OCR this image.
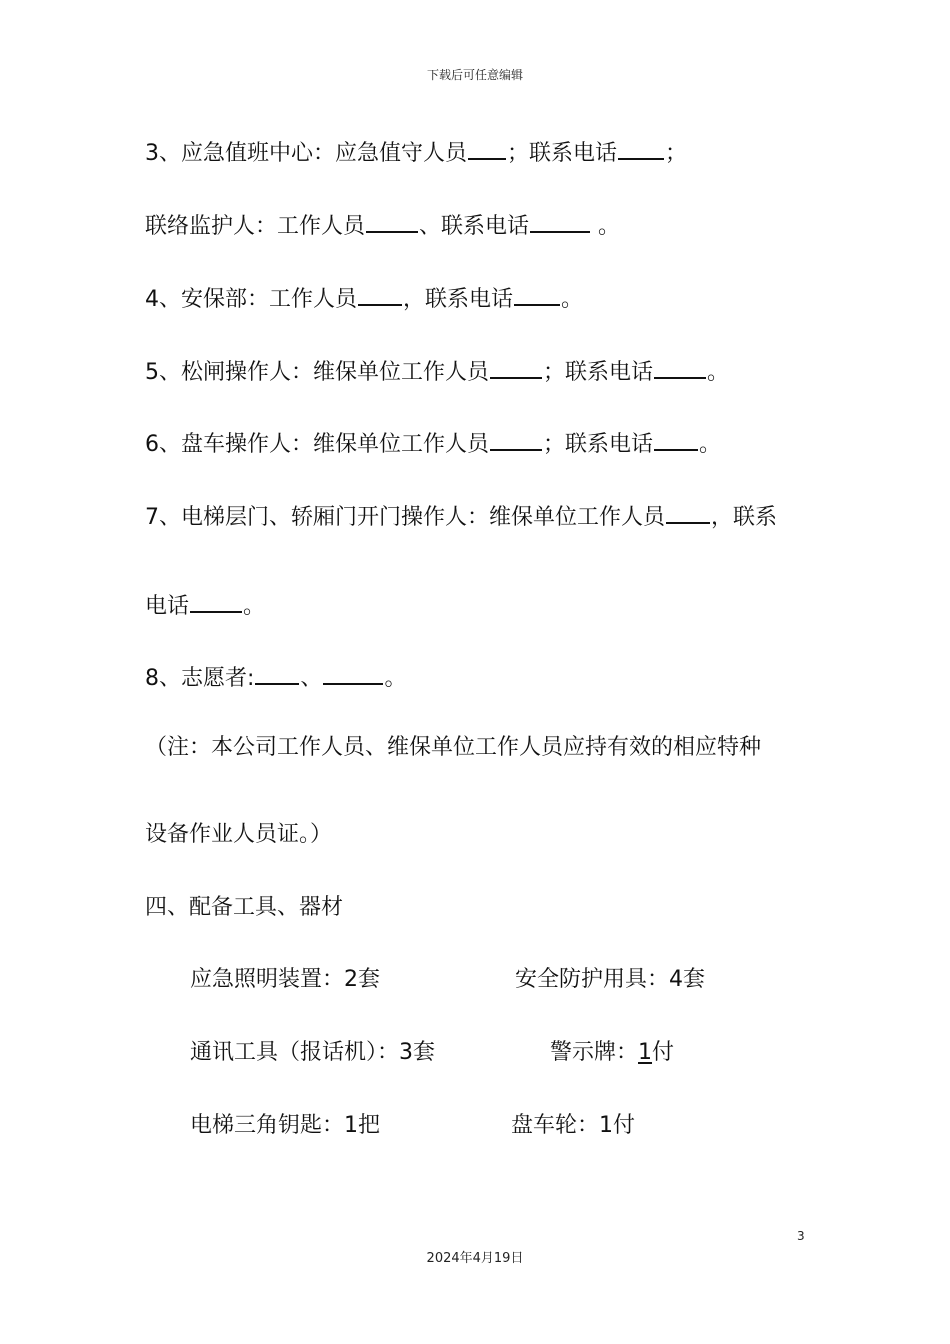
下载后可任意编辑
3、应急值班中心：应急值守人员 ；联系电话 ；
联络监护人：工作人员 、联系电话	。
4、安保部：工作人员 ，联系电话 。
5、松闸操作人：维保单位工作人员 ；联系电话 。
6、盘车操作人：维保单位工作人员 ；联系电话 。
7、电梯层门、轿厢门开门操作人：维保单位工作人员 ，联系
电话 。
8、志愿者: 、	。
（注：本公司工作人员、维保单位工作人员应持有效的相应特种
设备作业人员证。）
四、配备工具、器材
应急照明装置：2套	安全防护用具：4套
通讯工具（报话机）：3套	警示牌：1付
电梯三角钥匙：1把	盘车轮：1付
3
2024年4月19日
